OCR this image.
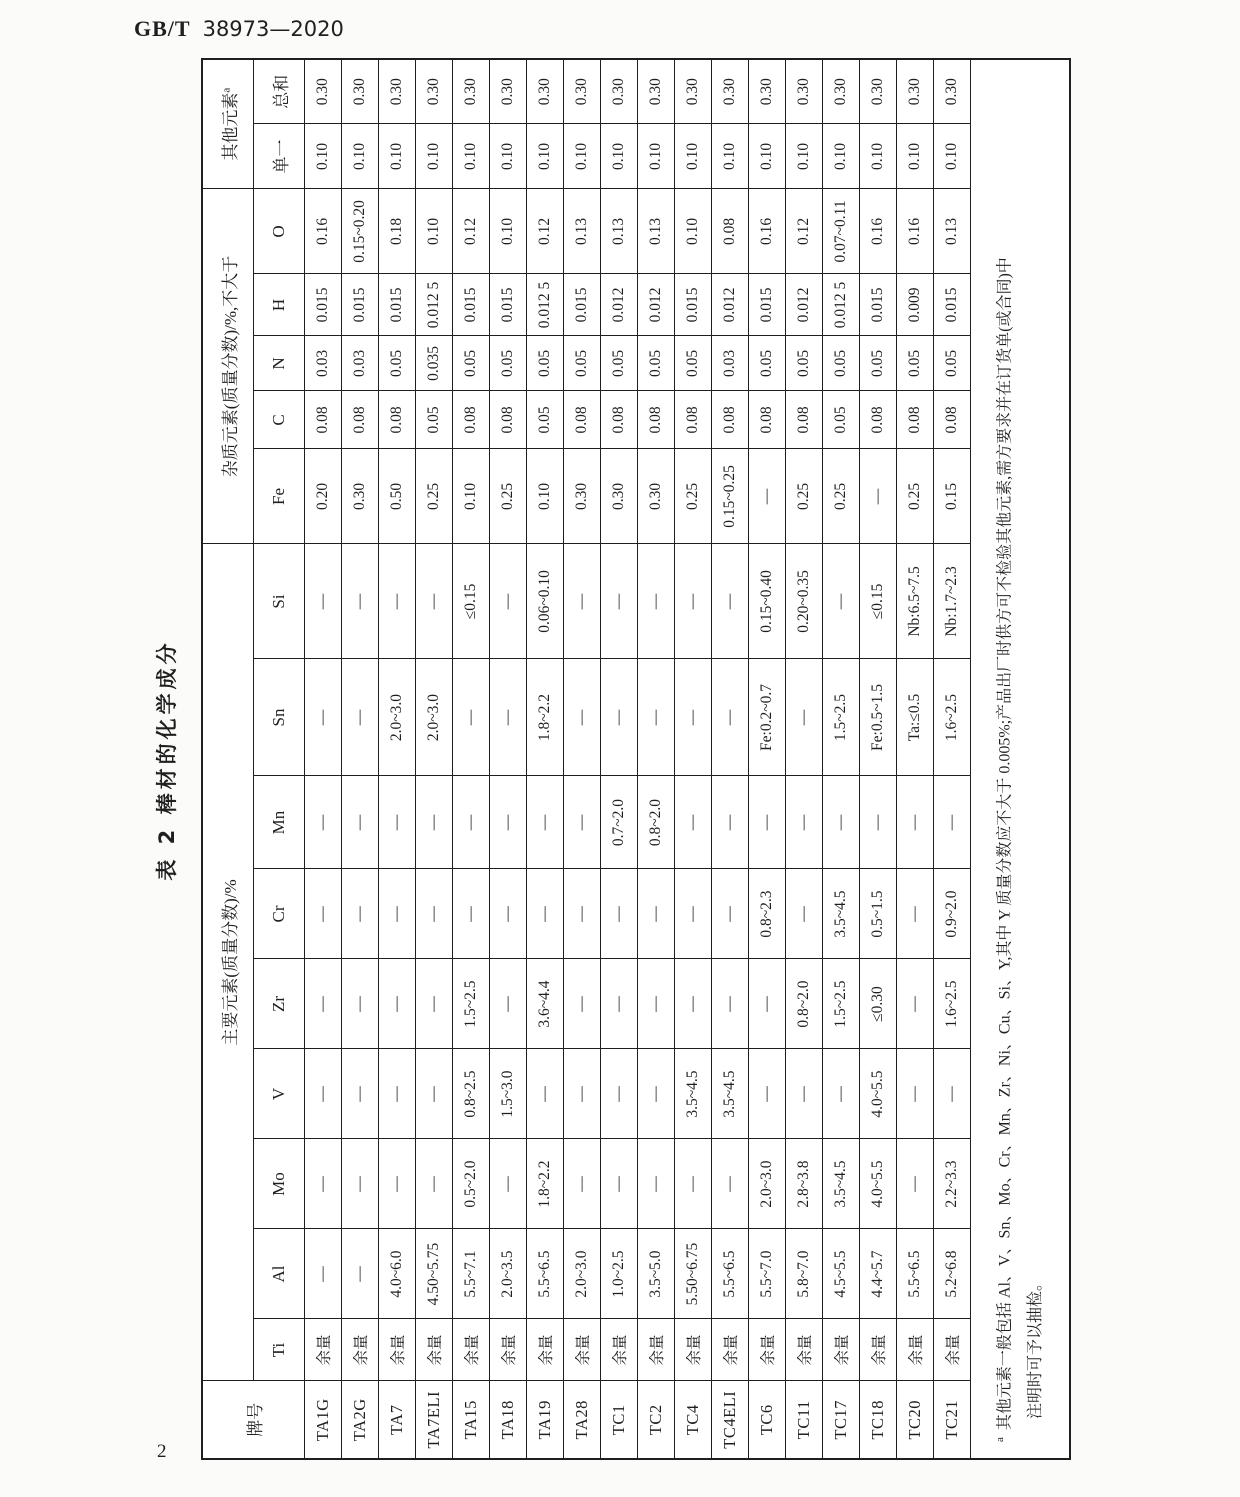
GB/T 38973—2020
表 2 棒材的化学成分
牌号	主要元素(质量分数)/%									杂质元素(质量分数)/%,不大于					其他元素$^a$
	Ti	Al	Mo	V	Zr	Cr	Mn	Sn	Si	Fe	C	N	H	O	单一	总和
TA1G	余量	—	—	—	—	—	—	—	—	0.20	0.08	0.03	0.015	0.16	0.10	0.30
TA2G	余量	—	—	—	—	—	—	—	—	0.30	0.08	0.03	0.015	0.15~0.20	0.10	0.30
TA7	余量	4.0~6.0	—	—	—	—	—	2.0~3.0	—	0.50	0.08	0.05	0.015	0.18	0.10	0.30
TA7ELI	余量	4.50~5.75	—	—	—	—	—	2.0~3.0	—	0.25	0.05	0.035	0.012 5	0.10	0.10	0.30
TA15	余量	5.5~7.1	0.5~2.0	0.8~2.5	1.5~2.5	—	—	—	≤0.15	0.10	0.08	0.05	0.015	0.12	0.10	0.30
TA18	余量	2.0~3.5	—	1.5~3.0	—	—	—	—	—	0.25	0.08	0.05	0.015	0.10	0.10	0.30
TA19	余量	5.5~6.5	1.8~2.2	—	3.6~4.4	—	—	1.8~2.2	0.06~0.10	0.10	0.05	0.05	0.012 5	0.12	0.10	0.30
TA28	余量	2.0~3.0	—	—	—	—	—	—	—	0.30	0.08	0.05	0.015	0.13	0.10	0.30
TC1	余量	1.0~2.5	—	—	—	—	0.7~2.0	—	—	0.30	0.08	0.05	0.012	0.13	0.10	0.30
TC2	余量	3.5~5.0	—	—	—	—	0.8~2.0	—	—	0.30	0.08	0.05	0.012	0.13	0.10	0.30
TC4	余量	5.50~6.75	—	3.5~4.5	—	—	—	—	—	0.25	0.08	0.05	0.015	0.10	0.10	0.30
TC4ELI	余量	5.5~6.5	—	3.5~4.5	—	—	—	—	—	0.15~0.25	0.08	0.03	0.012	0.08	0.10	0.30
TC6	余量	5.5~7.0	2.0~3.0	—	—	0.8~2.3	—	Fe:0.2~0.7	0.15~0.40	—	0.08	0.05	0.015	0.16	0.10	0.30
TC11	余量	5.8~7.0	2.8~3.8	—	0.8~2.0	—	—	—	0.20~0.35	0.25	0.08	0.05	0.012	0.12	0.10	0.30
TC17	余量	4.5~5.5	3.5~4.5	—	1.5~2.5	3.5~4.5	—	1.5~2.5	—	0.25	0.05	0.05	0.012 5	0.07~0.11	0.10	0.30
TC18	余量	4.4~5.7	4.0~5.5	4.0~5.5	≤0.30	0.5~1.5	—	Fe:0.5~1.5	≤0.15	—	0.08	0.05	0.015	0.16	0.10	0.30
TC20	余量	5.5~6.5	—	—	—	—	—	Ta:≤0.5	Nb:6.5~7.5	0.25	0.08	0.05	0.009	0.16	0.10	0.30
TC21	余量	5.2~6.8	2.2~3.3	—	1.6~2.5	0.9~2.0	—	1.6~2.5	Nb:1.7~2.3	0.15	0.08	0.05	0.015	0.13	0.10	0.30

$^a$其他元素一般包括 Al、V、Sn、Mo、Cr、Mn、Zr、Ni、Cu、Si、Y,其中 Y 质量分数应不大于 0.005%;产品出厂时供方可不检验其他元素,需方要求并在订货单(或合同)中 注明时可予以抽检。																
2
